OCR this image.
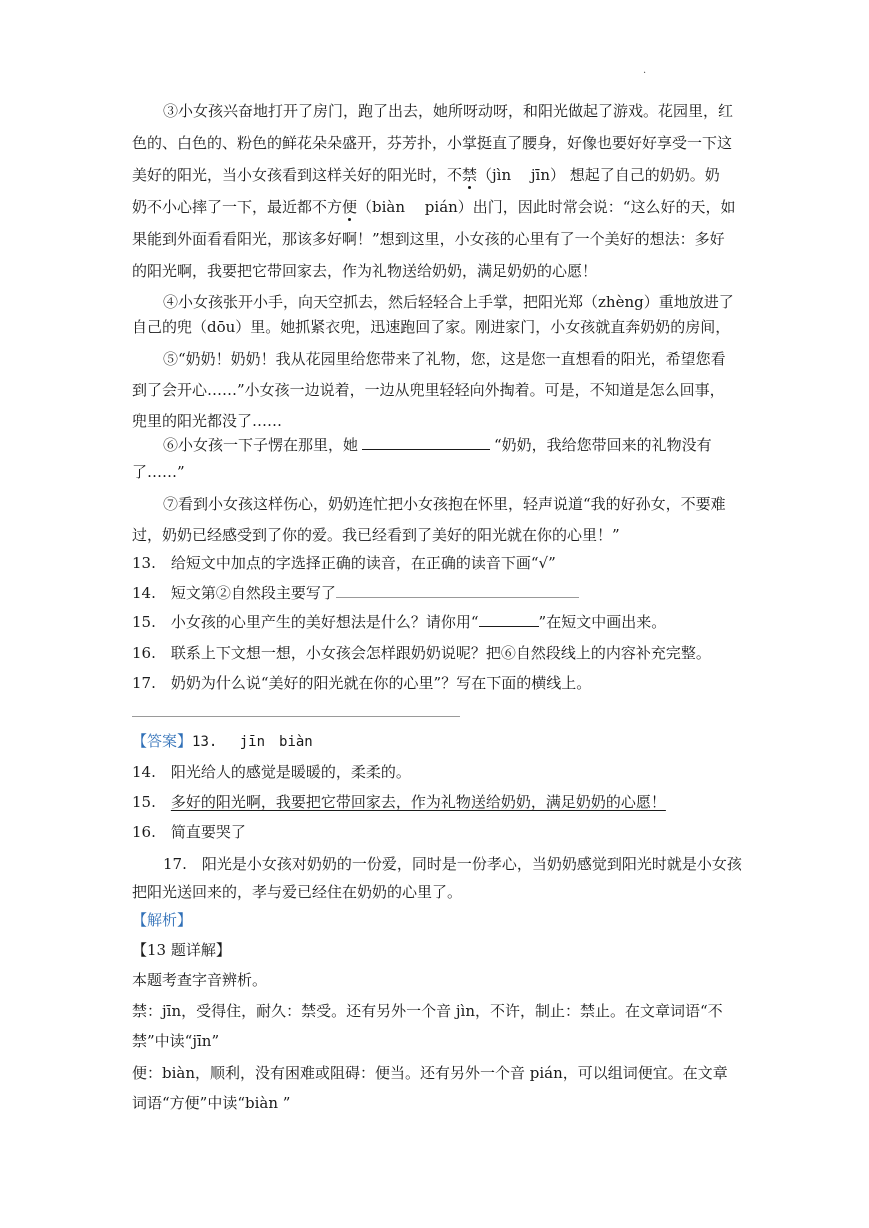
·
③小女孩兴奋地打开了房门，跑了出去，她所呀动呀，和阳光做起了游戏。花园里，红
色的、白色的、粉色的鲜花朵朵盛开，芬芳扑，小掌挺直了腰身，好像也要好好享受一下这
美好的阳光，当小女孩看到这样关好的阳光时，不禁（jìn　 jīn） 想起了自己的奶奶。奶
奶不小心摔了一下，最近都不方便（biàn　 pián）出门，因此时常会说：“这么好的天，如
果能到外面看看阳光，那该多好啊！”想到这里，小女孩的心里有了一个美好的想法：多好
的阳光啊，我要把它带回家去，作为礼物送给奶奶，满足奶奶的心愿！
④小女孩张开小手，向天空抓去，然后轻轻合上手掌，把阳光郑（zhèng）重地放进了
自己的兜（dōu）里。她抓紧衣兜，迅速跑回了家。刚进家门，小女孩就直奔奶奶的房间，
⑤“奶奶！奶奶！我从花园里给您带来了礼物，您，这是您一直想看的阳光，希望您看
到了会开心……”小女孩一边说着，一边从兜里轻轻向外掏着。可是，不知道是怎么回事，
兜里的阳光都没了……
⑥小女孩一下子愣在那里，她	“奶奶，我给您带回来的礼物没有
了……”
⑦看到小女孩这样伤心，奶奶连忙把小女孩抱在怀里，轻声说道“我的好孙女，不要难
过，奶奶已经感受到了你的爱。我已经看到了美好的阳光就在你的心里！”
13.　给短文中加点的字选择正确的读音，在正确的读音下画“√”
14.　短文第②自然段主要写了
15.　小女孩的心里产生的美好想法是什么？请你用“	”在短文中画出来。
16.　联系上下文想一想，小女孩会怎样跟奶奶说呢？把⑥自然段线上的内容补充完整。
17.　奶奶为什么说“美好的阳光就在你的心里”？写在下面的横线上。
【答案】13.　 jīn　biàn
14.　阳光给人的感觉是暖暖的，柔柔的。
15.　多好的阳光啊，我要把它带回家去，作为礼物送给奶奶，满足奶奶的心愿！
16.　简直要哭了
17.　阳光是小女孩对奶奶的一份爱，同时是一份孝心，当奶奶感觉到阳光时就是小女孩
把阳光送回来的，孝与爱已经住在奶奶的心里了。
【解析】
【13 题详解】
本题考查字音辨析。
禁：jīn，受得住，耐久：禁受。还有另外一个音 jìn，不许，制止：禁止。在文章词语“不
禁”中读“jīn”
便：biàn，顺利，没有困难或阻碍：便当。还有另外一个音 pián，可以组词便宜。在文章
词语“方便”中读“biàn ”
